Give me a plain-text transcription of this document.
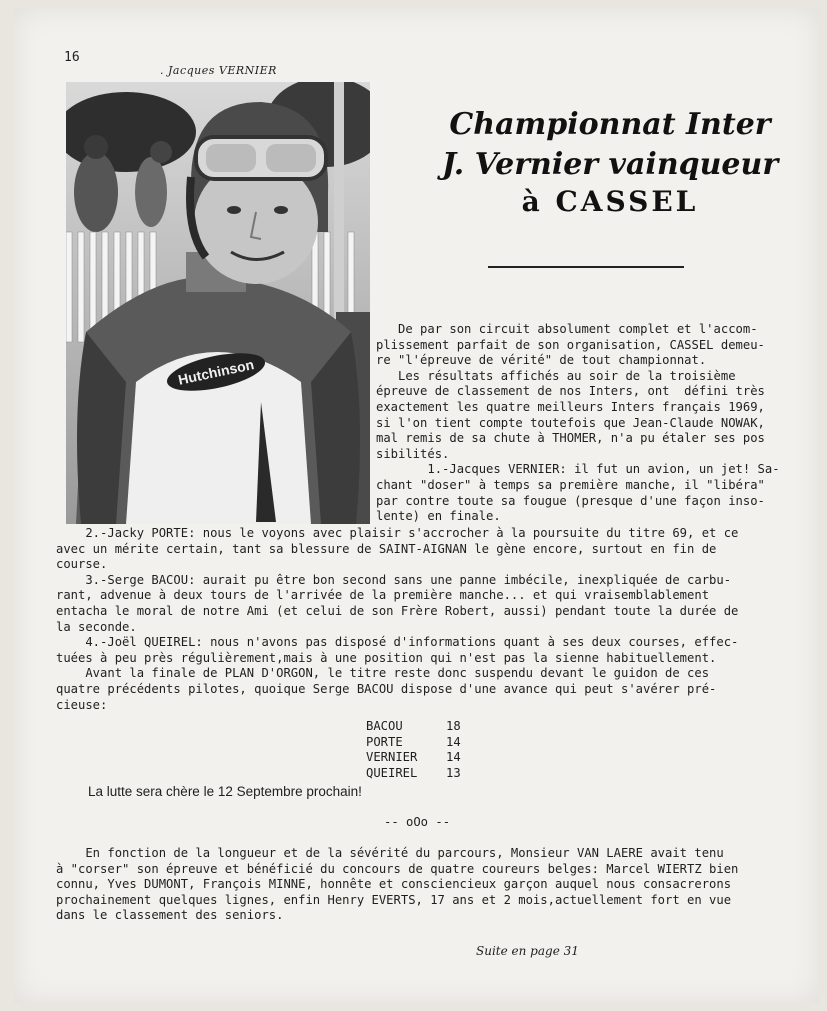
16
. Jacques VERNIER
Hutchinson
Championnat Inter
J. Vernier vainqueur
à CASSEL
De par son circuit absolument complet et l'accom-
plissement parfait de son organisation, CASSEL demeu-
re "l'épreuve de vérité" de tout championnat.
Les résultats affichés au soir de la troisième
épreuve de classement de nos Inters, ont  défini très
exactement les quatre meilleurs Inters français 1969,
si l'on tient compte toutefois que Jean-Claude NOWAK,
mal remis de sa chute à THOMER, n'a pu étaler ses pos
sibilités.
1.-Jacques VERNIER: il fut un avion, un jet! Sa-
chant "doser" à temps sa première manche, il "libéra"
par contre toute sa fougue (presque d'une façon inso-
lente) en finale.
2.-Jacky PORTE: nous le voyons avec plaisir s'accrocher à la poursuite du titre 69, et ce
avec un mérite certain, tant sa blessure de SAINT-AIGNAN le gène encore, surtout en fin de
course.
3.-Serge BACOU: aurait pu être bon second sans une panne imbécile, inexpliquée de carbu-
rant, advenue à deux tours de l'arrivée de la première manche... et qui vraisemblablement
entacha le moral de notre Ami (et celui de son Frère Robert, aussi) pendant toute la durée de
la seconde.
4.-Joël QUEIREL: nous n'avons pas disposé d'informations quant à ses deux courses, effec-
tuées à peu près régulièrement,mais à une position qui n'est pas la sienne habituellement.
Avant la finale de PLAN D'ORGON, le titre reste donc suspendu devant le guidon de ces
quatre précédents pilotes, quoique Serge BACOU dispose d'une avance qui peut s'avérer pré-
cieuse:
BACOU	18
PORTE	14
VERNIER	14
QUEIREL	13
La lutte sera chère le 12 Septembre prochain!
-- oOo --
En fonction de la longueur et de la sévérité du parcours, Monsieur VAN LAERE avait tenu
à "corser" son épreuve et bénéficié du concours de quatre coureurs belges: Marcel WIERTZ bien
connu, Yves DUMONT, François MINNE, honnête et consciencieux garçon auquel nous consacrerons
prochainement quelques lignes, enfin Henry EVERTS, 17 ans et 2 mois,actuellement fort en vue
dans le classement des seniors.
Suite en page 31
